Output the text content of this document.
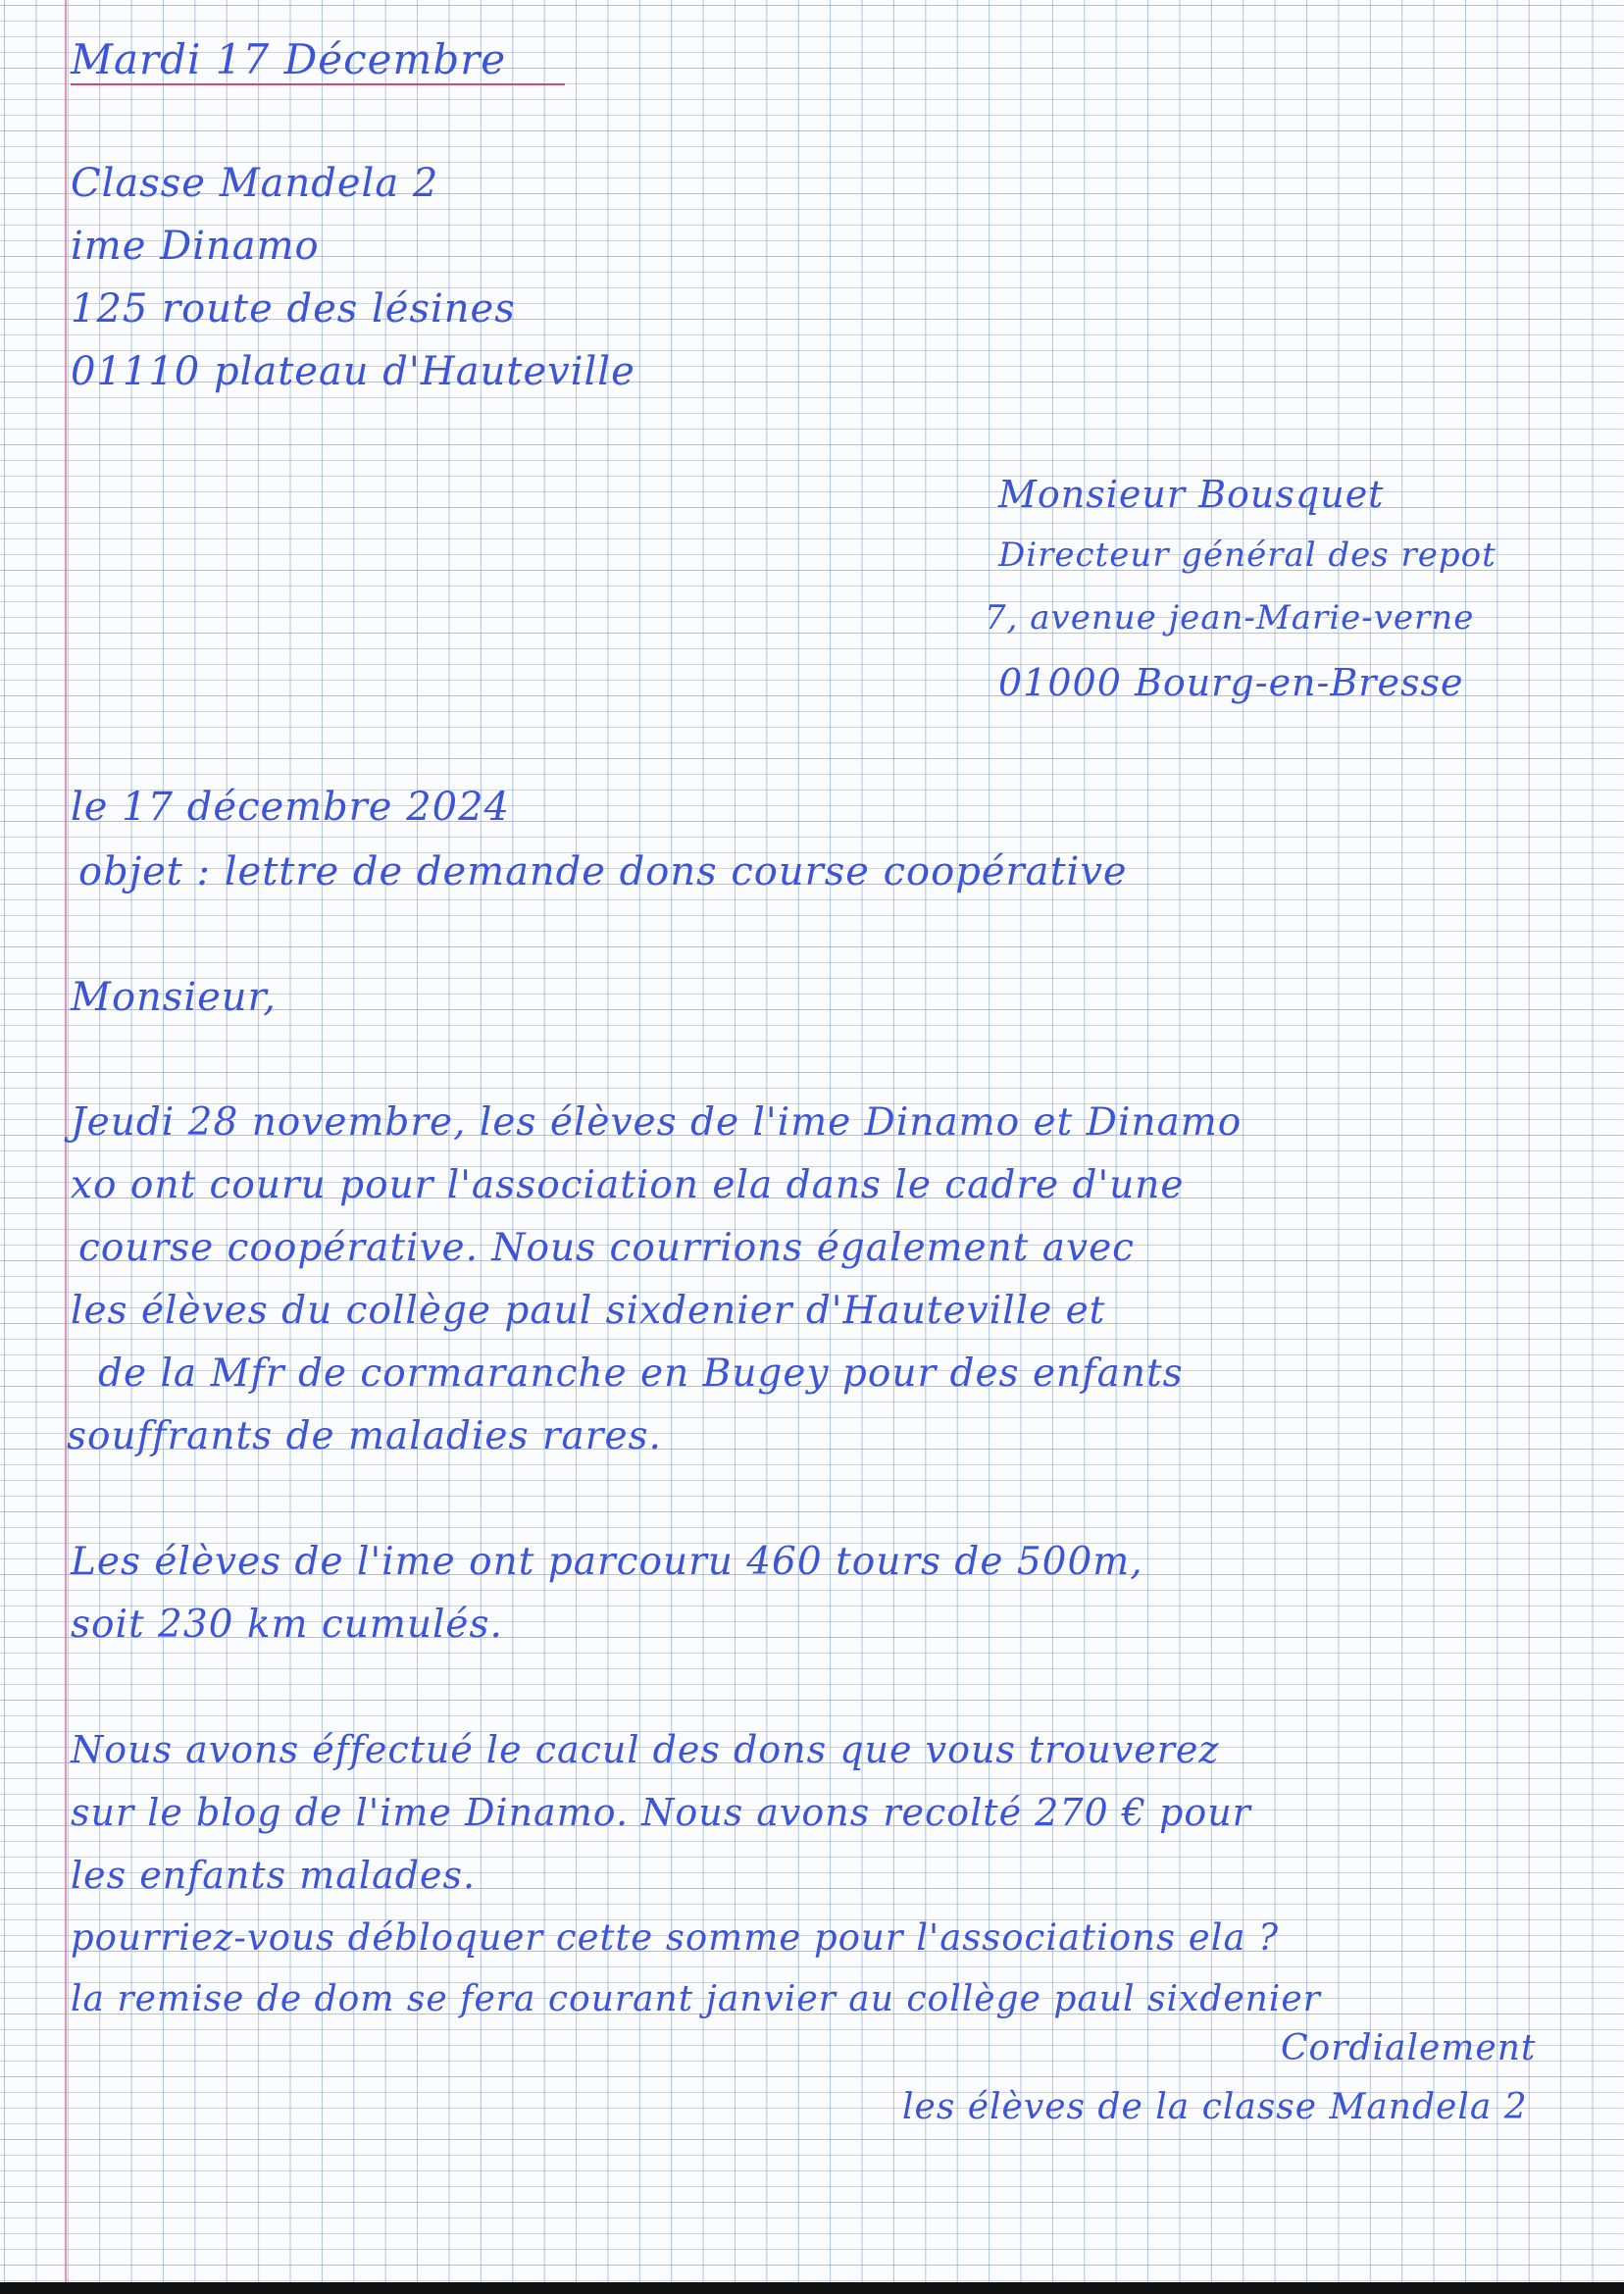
Mardi 17 Décembre
Classe Mandela 2
ime Dinamo
125 route des lésines
01110 plateau d'Hauteville
Monsieur Bousquet
Directeur général des repot
7, avenue jean-Marie-verne
01000 Bourg-en-Bresse
le 17 décembre 2024
objet : lettre de demande dons course coopérative
Monsieur,
Jeudi 28 novembre, les élèves de l'ime Dinamo et Dinamo
xo ont couru pour l'association ela dans le cadre d'une
course coopérative. Nous courrions également avec
les élèves du collège paul sixdenier d'Hauteville et
de la Mfr de cormaranche en Bugey pour des enfants
souffrants de maladies rares.
Les élèves de l'ime ont parcouru 460 tours de 500m,
soit 230 km cumulés.
Nous avons éffectué le cacul des dons que vous trouverez
sur le blog de l'ime Dinamo. Nous avons recolté 270 € pour
les enfants malades.
pourriez-vous débloquer cette somme pour l'associations ela ?
la remise de dom se fera courant janvier au collège paul sixdenier
Cordialement
les élèves de la classe Mandela 2
